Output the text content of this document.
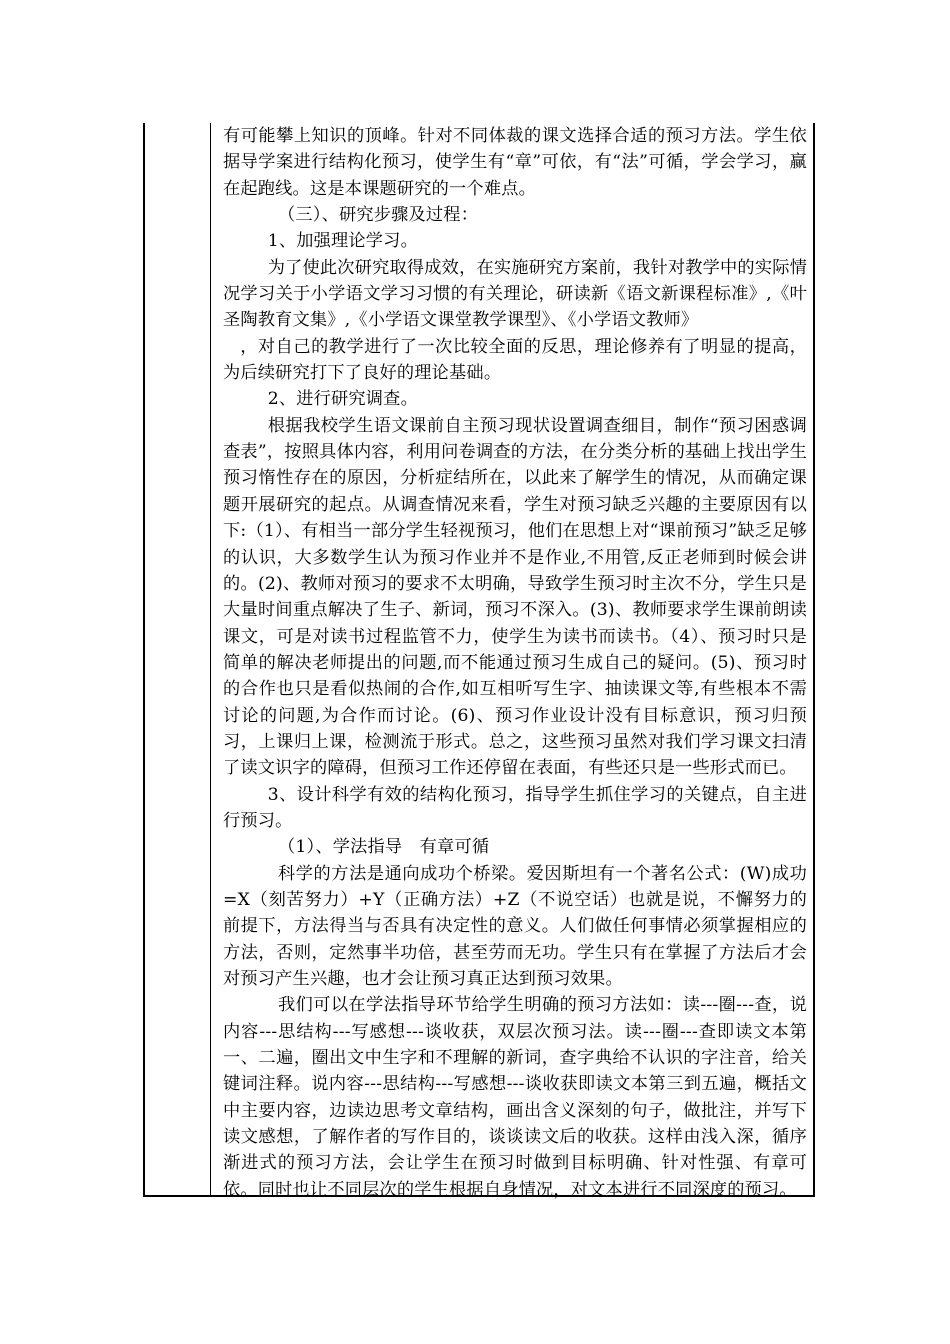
有可能攀上知识的顶峰。针对不同体裁的课文选择合适的预习方法。学生依据导学案进行结构化预习，使学生有“章”可依，有“法”可循，学会学习，赢在起跑线。这是本课题研究的一个难点。

（三）、研究步骤及过程：

1、加强理论学习。

为了使此次研究取得成效，在实施研究方案前，我针对教学中的实际情况学习关于小学语文学习习惯的有关理论，研读新《语文新课程标准》,《叶圣陶教育文集》,《小学语文课堂教学课型》、《小学语文教师》

，对自己的教学进行了一次比较全面的反思，理论修养有了明显的提高，为后续研究打下了良好的理论基础。

2、进行研究调查。

根据我校学生语文课前自主预习现状设置调查细目，制作“预习困惑调查表”，按照具体内容，利用问卷调查的方法，在分类分析的基础上找出学生预习惰性存在的原因，分析症结所在，以此来了解学生的情况，从而确定课题开展研究的起点。从调查情况来看，学生对预习缺乏兴趣的主要原因有以下:（1）、有相当一部分学生轻视预习，他们在思想上对“课前预习”缺乏足够的认识，大多数学生认为预习作业并不是作业,不用管,反正老师到时候会讲的。(2)、教师对预习的要求不太明确，导致学生预习时主次不分，学生只是大量时间重点解决了生子、新词，预习不深入。(3)、教师要求学生课前朗读课文，可是对读书过程监管不力，使学生为读书而读书。（4）、预习时只是简单的解决老师提出的问题,而不能通过预习生成自己的疑问。(5)、预习时的合作也只是看似热闹的合作,如互相听写生字、抽读课文等,有些根本不需讨论的问题,为合作而讨论。(6)、预习作业设计没有目标意识，预习归预习，上课归上课，检测流于形式。总之，这些预习虽然对我们学习课文扫清了读文识字的障碍，但预习工作还停留在表面，有些还只是一些形式而已。

3、设计科学有效的结构化预习，指导学生抓住学习的关键点，自主进行预习。

（1）、学法指导　有章可循

科学的方法是通向成功个桥梁。爱因斯坦有一个著名公式：(W)成功=X（刻苦努力）+Y（正确方法）+Z（不说空话）也就是说，不懈努力的前提下，方法得当与否具有决定性的意义。人们做任何事情必须掌握相应的方法，否则，定然事半功倍，甚至劳而无功。学生只有在掌握了方法后才会对预习产生兴趣，也才会让预习真正达到预习效果。

我们可以在学法指导环节给学生明确的预习方法如：读---圈---查，说内容---思结构---写感想---谈收获，双层次预习法。读---圈---查即读文本第一、二遍，圈出文中生字和不理解的新词，查字典给不认识的字注音，给关键词注释。说内容---思结构---写感想---谈收获即读文本第三到五遍，概括文中主要内容，边读边思考文章结构，画出含义深刻的句子，做批注，并写下读文感想，了解作者的写作目的，谈谈读文后的收获。这样由浅入深，循序渐进式的预习方法，会让学生在预习时做到目标明确、针对性强、有章可依。同时也让不同层次的学生根据自身情况，对文本进行不同深度的预习。
